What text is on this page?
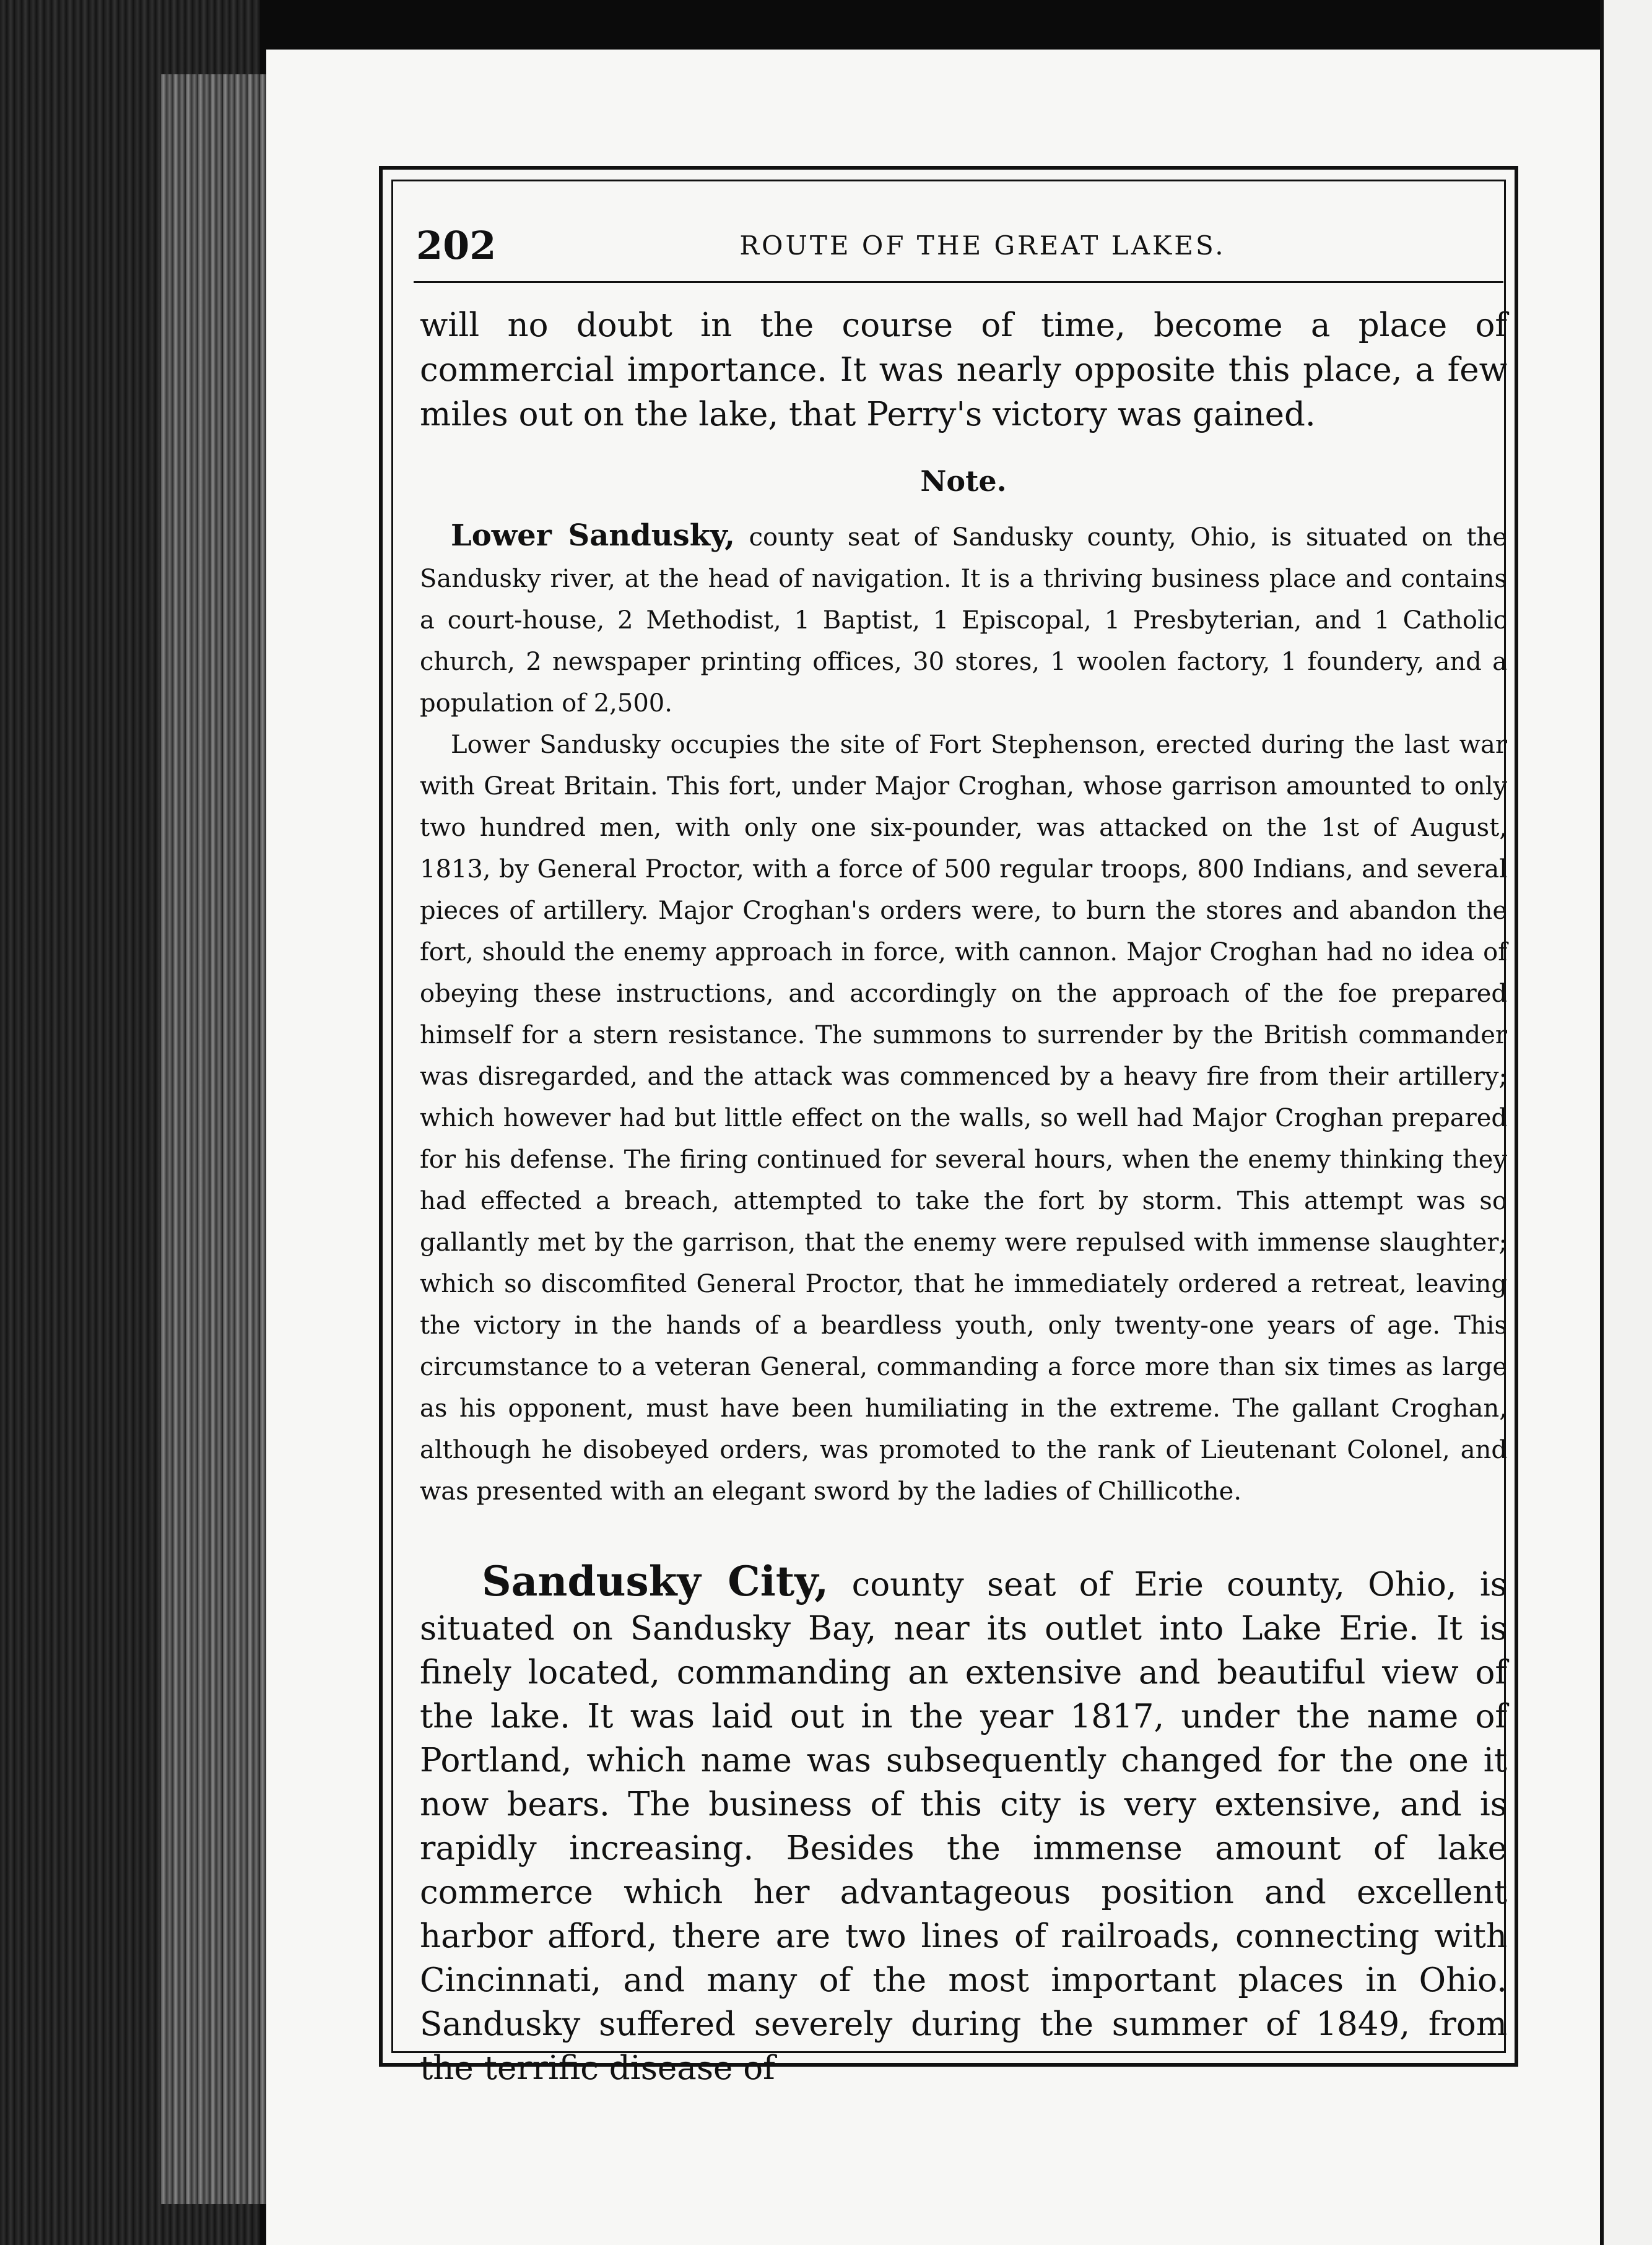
202	ROUTE OF THE GREAT LAKES.

will no doubt in the course of time, become a place of commercial importance. It was nearly opposite this place, a few miles out on the lake, that Perry's victory was gained.

Note.

Lower Sandusky, county seat of Sandusky county, Ohio, is situated on the Sandusky river, at the head of navigation. It is a thriving business place and contains a court-house, 2 Methodist, 1 Baptist, 1 Episcopal, 1 Presbyterian, and 1 Catholic church, 2 newspaper printing offices, 30 stores, 1 woolen factory, 1 foundery, and a population of 2,500.

Lower Sandusky occupies the site of Fort Stephenson, erected during the last war with Great Britain. This fort, under Major Croghan, whose garrison amounted to only two hundred men, with only one six-pounder, was attacked on the 1st of August, 1813, by General Proctor, with a force of 500 regular troops, 800 Indians, and several pieces of artillery. Major Croghan's orders were, to burn the stores and abandon the fort, should the enemy approach in force, with cannon. Major Croghan had no idea of obeying these instructions, and accordingly on the approach of the foe prepared himself for a stern resistance. The summons to surrender by the British commander was disregarded, and the attack was commenced by a heavy fire from their artillery; which however had but little effect on the walls, so well had Major Croghan prepared for his defense. The firing continued for several hours, when the enemy thinking they had effected a breach, attempted to take the fort by storm. This attempt was so gallantly met by the garrison, that the enemy were repulsed with immense slaughter; which so discomfited General Proctor, that he immediately ordered a retreat, leaving the victory in the hands of a beardless youth, only twenty-one years of age. This circumstance to a veteran General, commanding a force more than six times as large as his opponent, must have been humiliating in the extreme. The gallant Croghan, although he disobeyed orders, was promoted to the rank of Lieutenant Colonel, and was presented with an elegant sword by the ladies of Chillicothe.

Sandusky City, county seat of Erie county, Ohio, is situated on Sandusky Bay, near its outlet into Lake Erie. It is finely located, commanding an extensive and beautiful view of the lake. It was laid out in the year 1817, under the name of Portland, which name was subsequently changed for the one it now bears. The business of this city is very extensive, and is rapidly increasing. Besides the immense amount of lake commerce which her advantageous position and excellent harbor afford, there are two lines of railroads, connecting with Cincinnati, and many of the most important places in Ohio. Sandusky suffered severely during the summer of 1849, from the terrific disease of
